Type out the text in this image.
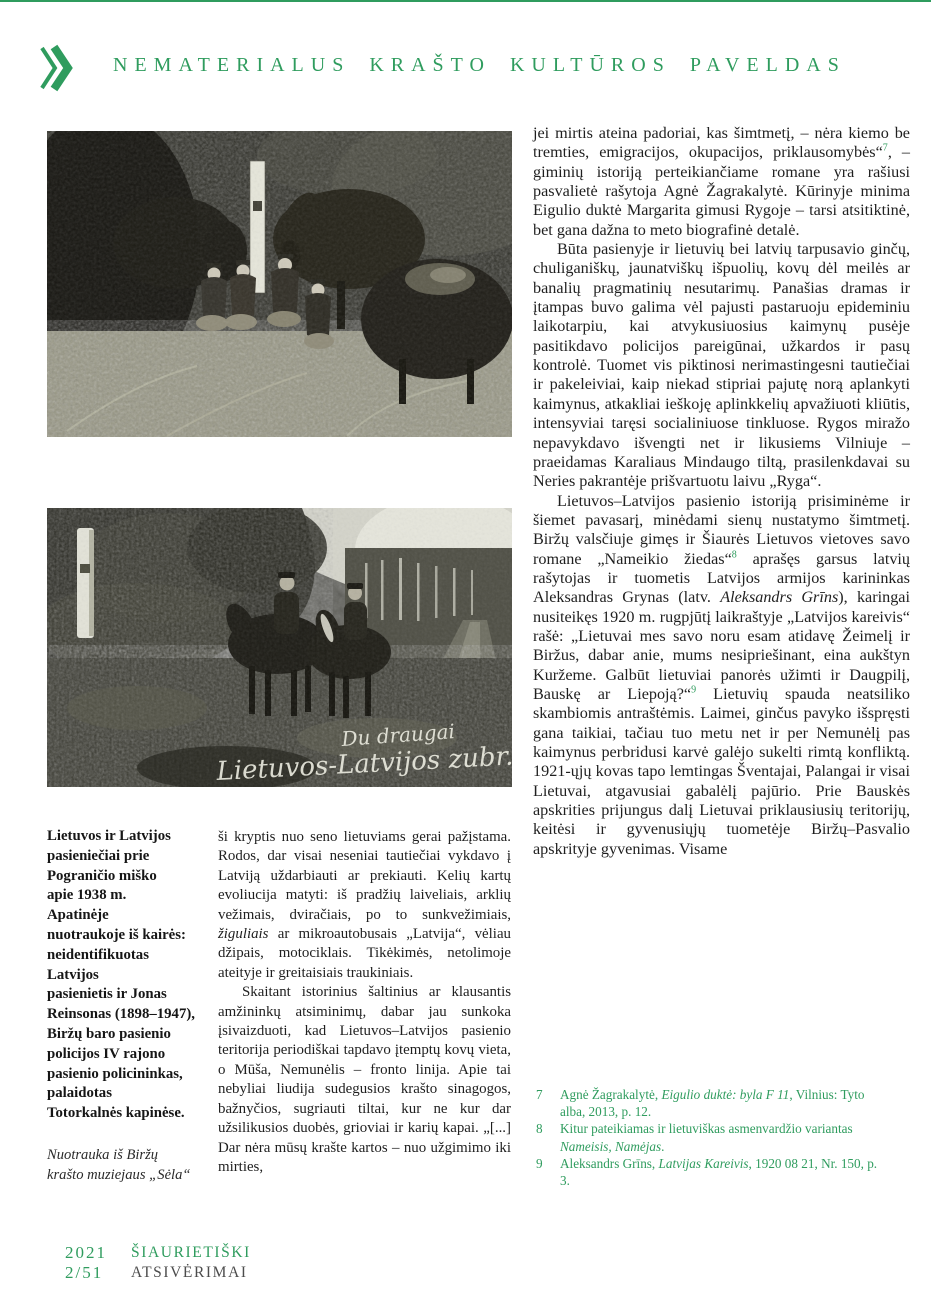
NEMATERIALUS KRAŠTO KULTŪROS PAVELDAS
Du draugai
Lietuvos-Latvijos zubr.
Lietuvos ir Latvijos
pasieniečiai prie
Pograničio miško
apie 1938 m.
Apatinėje
nuotraukoje iš kairės:
neidentifikuotas
Latvijos
pasienietis ir Jonas
Reinsonas (1898–1947),
Biržų baro pasienio
policijos IV rajono
pasienio policininkas,
palaidotas
Totorkalnės kapinėse.
Nuotrauka iš Biržų
krašto muziejaus „Sėla“

ši kryptis nuo seno lietuviams gerai pažįstama. Rodos, dar visai neseniai tautiečiai vykdavo į Latviją uždarbiauti ar prekiauti. Kelių kartų evoliucija matyti: iš pradžių laiveliais, arklių vežimais, dviračiais, po to sunkvežimiais, žiguliais ar mikroautobusais „Latvija“, vėliau džipais, motociklais. Tikėkimės, netolimoje ateityje ir greitaisiais traukiniais.

Skaitant istorinius šaltinius ar klausantis amžininkų atsiminimų, dabar jau sunkoka įsivaizduoti, kad Lietuvos–Latvijos pasienio teritorija periodiškai tapdavo įtemptų kovų vieta, o Mūša, Nemunėlis – fronto linija. Apie tai nebyliai liudija sudegusios krašto sinagogos, bažnyčios, sugriauti tiltai, kur ne kur dar užsilikusios duobės, grioviai ir karių kapai. „[...] Dar nėra mūsų krašte kartos – nuo užgimimo iki mirties,

jei mirtis ateina padoriai, kas šimtmetį, – nėra kiemo be tremties, emigracijos, okupacijos, priklausomybės“$^7$, – giminių istoriją perteikiančiame romane yra rašiusi pasvalietė rašytoja Agnė Žagrakalytė. Kūrinyje minima Eigulio duktė Margarita gimusi Rygoje – tarsi atsitiktinė, bet gana dažna to meto biografinė detalė.

Būta pasienyje ir lietuvių bei latvių tarpusavio ginčų, chuliganiškų, jaunatviškų išpuolių, kovų dėl meilės ar banalių pragmatinių nesutarimų. Panašias dramas ir įtampas buvo galima vėl pajusti pastaruoju epideminiu laikotarpiu, kai atvykusiuosius kaimynų pusėje pasitikdavo policijos pareigūnai, užkardos ir pasų kontrolė. Tuomet vis piktinosi nerimastingesni tautiečiai ir pakeleiviai, kaip niekad stipriai pajutę norą aplankyti kaimynus, atkakliai ieškoję aplinkkelių apvažiuoti kliūtis, intensyviai taręsi socialiniuose tinkluose. Rygos miražo nepavykdavo išvengti net ir likusiems Vilniuje – praeidamas Karaliaus Mindaugo tiltą, prasilenkdavai su Neries pakrantėje prišvartuotu laivu „Ryga“.

Lietuvos–Latvijos pasienio istoriją prisiminėme ir šiemet pavasarį, minėdami sienų nustatymo šimtmetį. Biržų valsčiuje gimęs ir Šiaurės Lietuvos vietoves savo romane „Nameikio žiedas“$^8$ aprašęs garsus latvių rašytojas ir tuometis Latvijos armijos karininkas Aleksandras Grynas (latv. Aleksandrs Grīns), karingai nusiteikęs 1920 m. rugpjūtį laikraštyje „Latvijos kareivis“ rašė: „Lietuvai mes savo noru esam atidavę Žeimelį ir Biržus, dabar anie, mums nesipriešinant, eina aukštyn Kuržeme. Galbūt lietuviai panorės užimti ir Daugpilį, Bauskę ar Liepoją?“$^9$ Lietuvių spauda neatsiliko skambiomis antraštėmis. Laimei, ginčus pavyko išspręsti gana taikiai, tačiau tuo metu net ir per Nemunėlį pas kaimynus perbridusi karvė galėjo sukelti rimtą konfliktą. 1921-ųjų kovas tapo lemtingas Šventajai, Palangai ir visai Lietuvai, atgavusiai gabalėlį pajūrio. Prie Bauskės apskrities prijungus dalį Lietuvai priklausiusių teritorijų, keitėsi ir gyvenusiųjų tuometėje Biržų–Pasvalio apskrityje gyvenimas. Visame

7	Agnė Žagrakalytė, Eigulio duktė: byla F 11, Vilnius: Tyto alba, 2013, p. 12.
8	Kitur pateikiamas ir lietuviškas asmenvardžio variantas Nameisis, Namėjas.
9	Aleksandrs Grīns, Latvijas Kareivis, 1920 08 21, Nr. 150, p. 3.
2021	ŠIAURIETIŠKI
2/51	ATSIVĖRIMAI
